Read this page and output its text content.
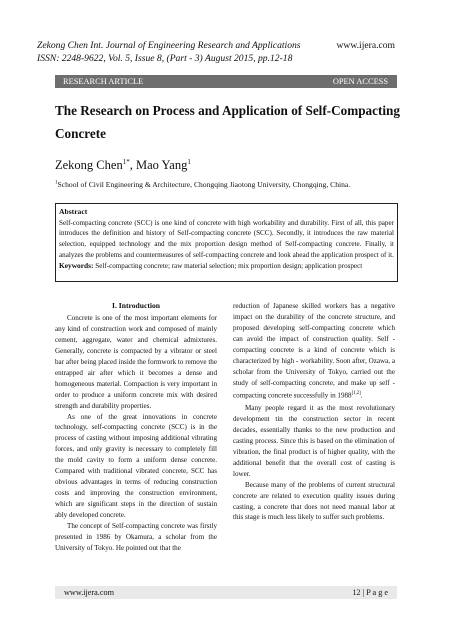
Zekong Chen Int. Journal of Engineering Research and Applications
ISSN: 2248-9622, Vol. 5, Issue 8, (Part - 3) August 2015, pp.12-18
www.ijera.com
RESEARCH ARTICLE	OPEN ACCESS
The Research on Process and Application of Self-Compacting
Concrete
Zekong Chen$^{1*}$, Mao Yang$^1$
$^1$School of Civil Engineering & Architecture, Chongqing Jiaotong University, Chongqing, China.
Abstract
Self-compacting concrete (SCC) is one kind of concrete with high workability and durability. First of all, this paper introduces the definition and history of Self-compacting concrete (SCC). Secondly, it introduces the raw material selection, equipped technology and the mix proportion design method of Self-compacting concrete. Finally, it analyzes the problems and countermeasures of self-compacting concrete and look ahead the application prospect of it.
Keywords: Self-compacting concrete; raw material selection; mix proportion design; application prospect

I. Introduction

Concrete is one of the most important elements for any kind of construction work and composed of mainly cement, aggregate, water and chemical admixtures. Generally, concrete is compacted by a vibrator or steel bar after being placed inside the formwork to remove the entrapped air after which it becomes a dense and homogeneous material. Compaction is very important in order to produce a uniform concrete mix with desired strength and durability properties.

As one of the great innovations in concrete technology, self-compacting concrete (SCC) is in the process of casting without imposing additional vibrating forces, and only gravity is necessary to completely fill the mold cavity to form a uniform dense concrete. Compared with traditional vibrated concrete, SCC has obvious advantages in terms of reducing construction costs and improving the construction environment, which are significant steps in the direction of sustain ably developed concrete.

The concept of Self-compacting concrete was firstly presented in 1986 by Okamura, a scholar from the University of Tokyo. He pointed out that the

reduction of Japanese skilled workers has a negative impact on the durability of the concrete structure, and proposed developing self-compacting concrete which can avoid the impact of construction quality. Self - compacting concrete is a kind of concrete which is characterized by high - workability. Soon after, Ozawa, a scholar from the University of Tokyo, carried out the study of self-compacting concrete, and make up self - compacting concrete successfully in 1988[1,2].

Many people regard it as the most revolutionary development tin the construction sector in recent decades, essentially thanks to the new production and casting process. Since this is based on the elimination of vibration, the final product is of higher quality, with the additional benefit that the overall cost of casting is lower.

Because many of the problems of current structural concrete are related to execution quality issues during casting, a concrete that does not need manual labor at this stage is much less likely to suffer such problems.

www.ijera.com	12 | P a g e
